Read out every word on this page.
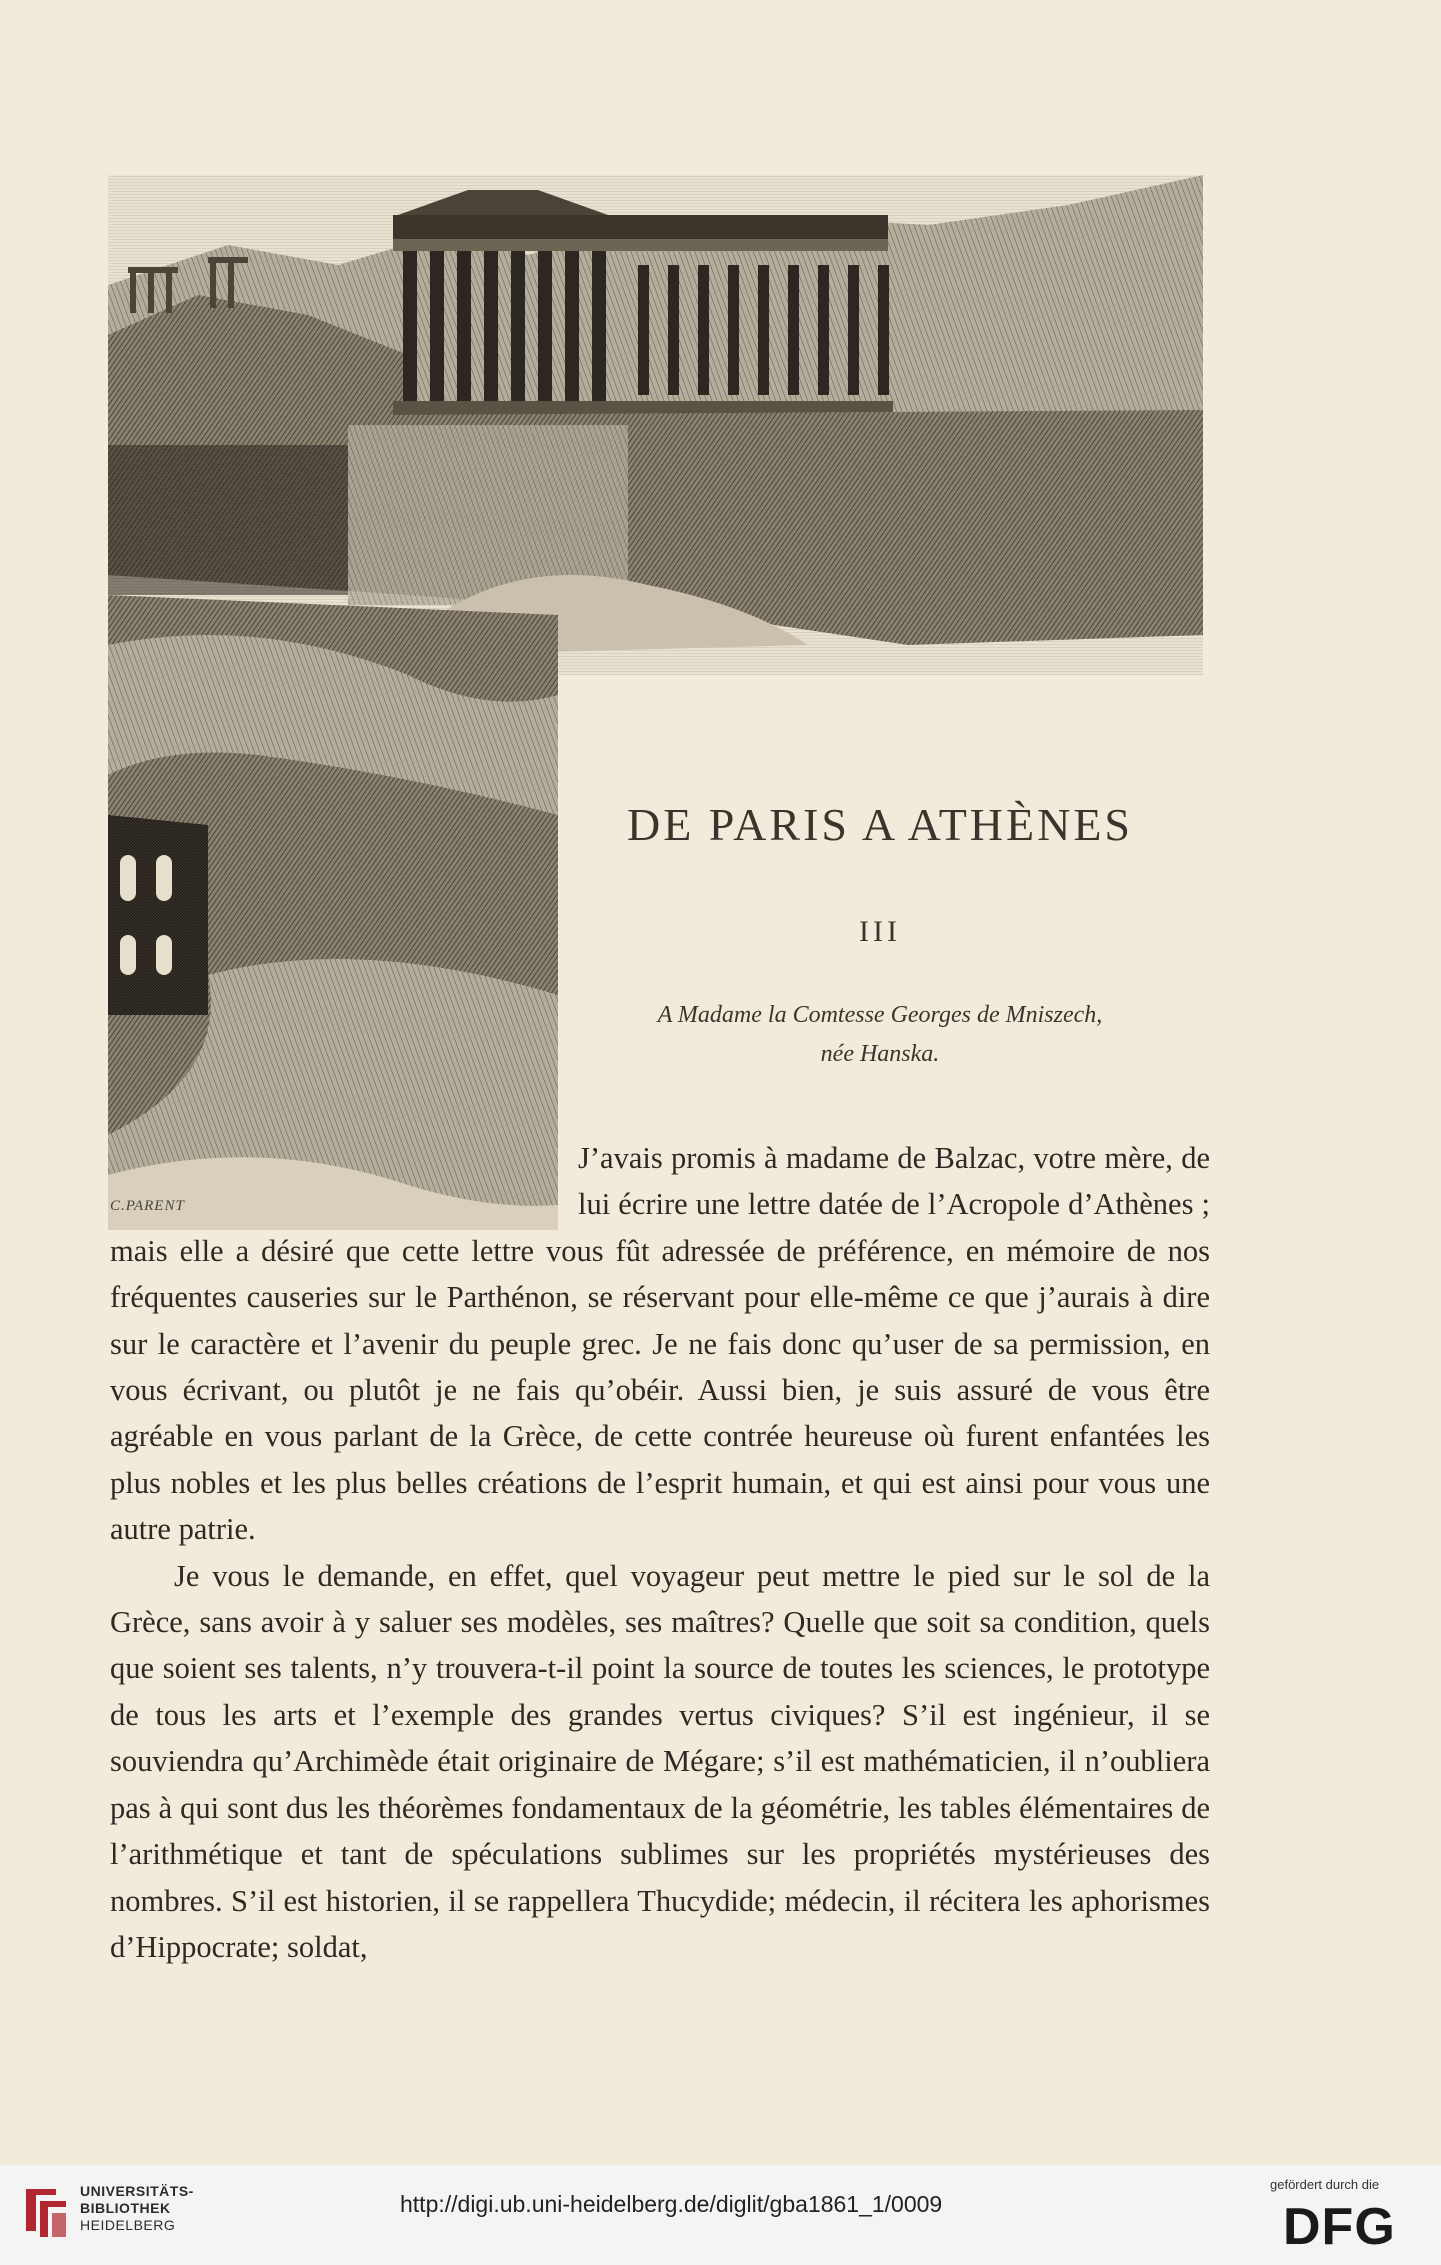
C.PARENT
DE PARIS A ATHÈNES
III
A Madame la Comtesse Georges de Mniszech,
née Hanska.

J’avais promis à madame de Balzac, votre mère, de lui écrire une lettre datée de l’Acropole d’Athènes ; mais elle a désiré que cette lettre vous fût adressée de préférence, en mémoire de nos fréquentes causeries sur le Parthénon, se réservant pour elle-même ce que j’aurais à dire sur le caractère et l’avenir du peuple grec. Je ne fais donc qu’user de sa permission, en vous écrivant, ou plutôt je ne fais qu’obéir. Aussi bien, je suis assuré de vous être agréable en vous parlant de la Grèce, de cette contrée heureuse où furent enfantées les plus nobles et les plus belles créations de l’esprit humain, et qui est ainsi pour vous une autre patrie.

Je vous le demande, en effet, quel voyageur peut mettre le pied sur le sol de la Grèce, sans avoir à y saluer ses modèles, ses maîtres? Quelle que soit sa condition, quels que soient ses talents, n’y trouvera-t-il point la source de toutes les sciences, le prototype de tous les arts et l’exemple des grandes vertus civiques? S’il est ingénieur, il se souviendra qu’Archimède était originaire de Mégare; s’il est mathématicien, il n’oubliera pas à qui sont dus les théorèmes fondamentaux de la géométrie, les tables élémentaires de l’arithmétique et tant de spéculations sublimes sur les propriétés mystérieuses des nombres. S’il est historien, il se rappellera Thucydide; médecin, il récitera les aphorismes d’Hippocrate; soldat,

UNIVERSITÄTS-
BIBLIOTHEK
HEIDELBERG
http://digi.ub.uni-heidelberg.de/diglit/gba1861_1/0009
gefördert durch die
DFG
